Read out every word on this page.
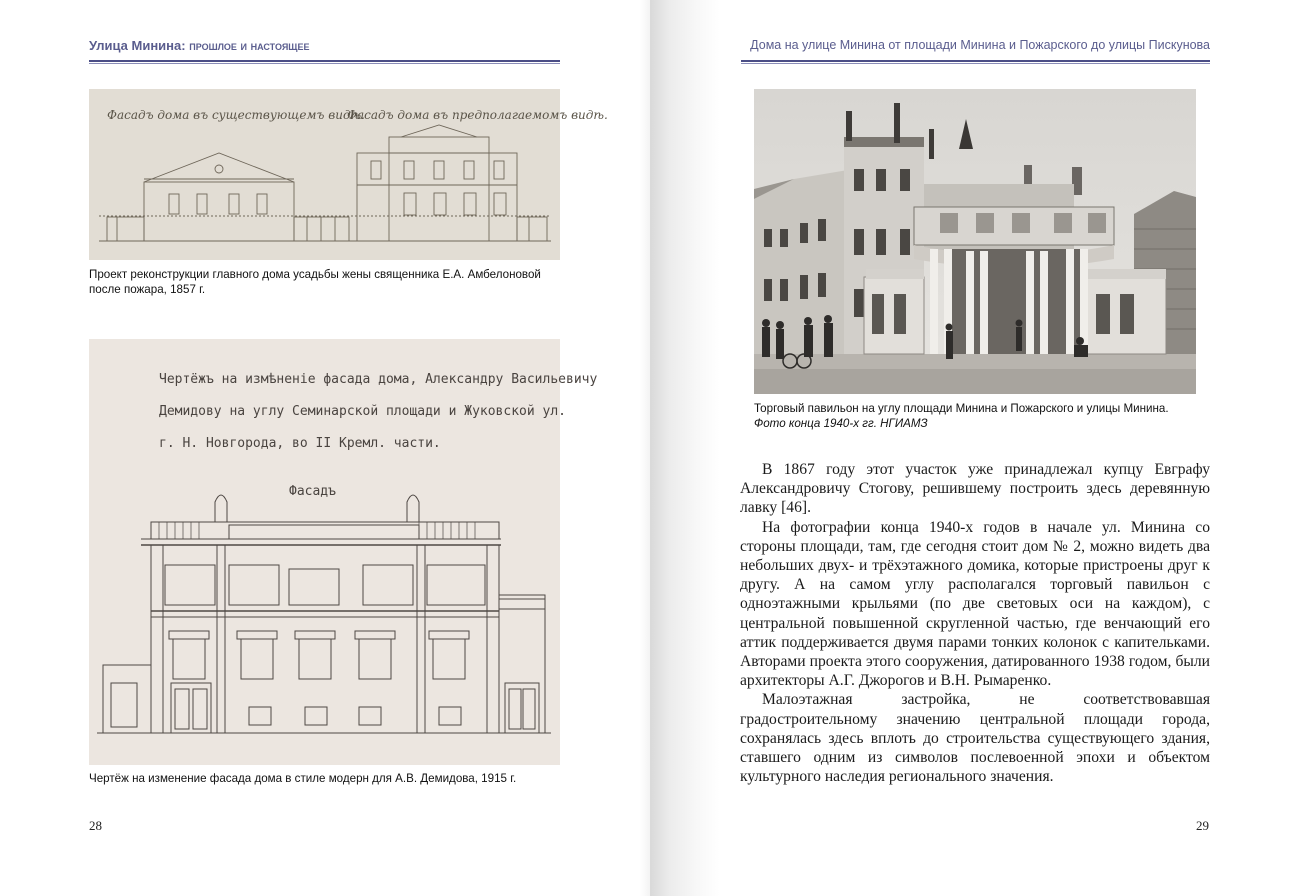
Улица Минина: прошлое и настоящее
Фасадъ дома въ существующемъ видѣ.
Фасадъ дома въ предполагаемомъ видѣ.
Проект реконструкции главного дома усадьбы жены священника Е.А. Амбелоновой после пожара, 1857 г.
Чертёжъ на измѣненiе фасада дома, Александру Васильевичу
Демидову на углу Семинарской площади и Жуковской ул.
г. Н. Новгорода, во II Кремл. части.
Фасадъ
Чертёж на изменение фасада дома в стиле модерн для А.В. Демидова, 1915 г.
28
Дома на улице Минина от площади Минина и Пожарского до улицы Пискунова
Торговый павильон на углу площади Минина и Пожарского и улицы Минина.
Фото конца 1940-х гг. НГИАМЗ

В 1867 году этот участок уже принадлежал купцу Евграфу Александровичу Стогову, решившему построить здесь деревянную лавку [46].

На фотографии конца 1940-х годов в начале ул. Минина со стороны площади, там, где сегодня стоит дом № 2, можно видеть два небольших двух- и трёхэтажного домика, которые пристроены друг к другу. А на самом углу располагался торговый павильон с одноэтажными крыльями (по две световых оси на каждом), с центральной повышенной скругленной частью, где венчающий его аттик поддерживается двумя парами тонких колонок с капительками. Авторами проекта этого сооружения, датированного 1938 годом, были архитекторы А.Г. Джорогов и В.Н. Рымаренко.

Малоэтажная застройка, не соответствовавшая градостроительному значению центральной площади города, сохранялась здесь вплоть до строительства существующего здания, ставшего одним из символов послевоенной эпохи и объектом культурного наследия регионального значения.

29
